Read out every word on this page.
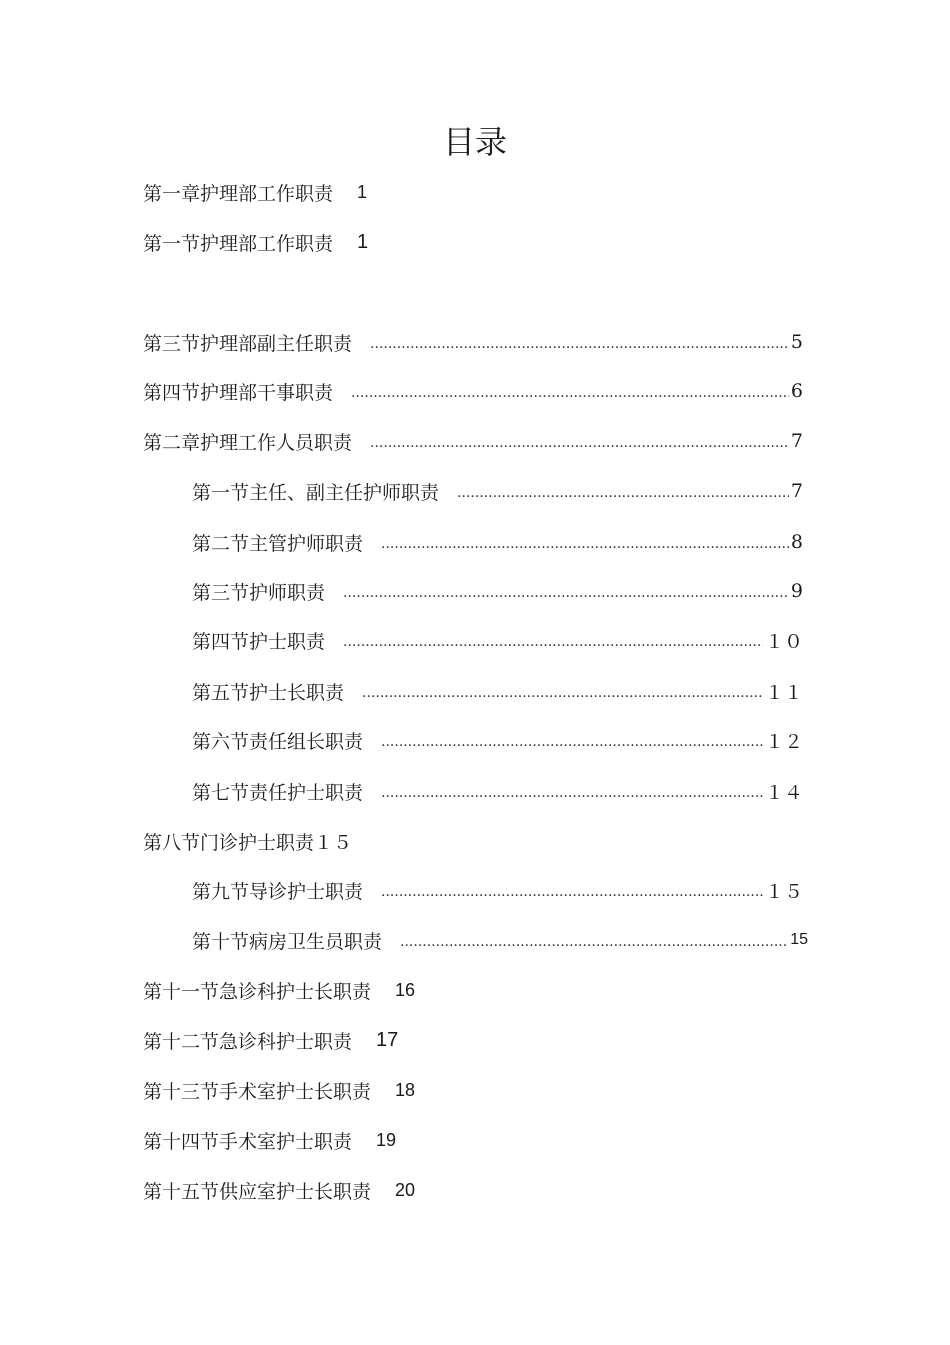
目录
第一章护理部工作职责 1
第一节护理部工作职责 1
第三节护理部副主任职责 .....	5
第四节护理部干事职责 .....	6
第二章护理工作人员职责 .....	7
第一节主任、副主任护师职责 .....	7
第二节主管护师职责 .....	8
第三节护师职责 .....	9
第四节护士职责 .....	１０
第五节护士长职责 .....	１１
第六节责任组长职责 .....	１２
第七节责任护士职责 .....	１４
第八节门诊护士职责１５
第九节导诊护士职责 .....	１５
第十节病房卫生员职责 .....	15
第十一节急诊科护士长职责 16
第十二节急诊科护士职责 17
第十三节手术室护士长职责 18
第十四节手术室护士职责 19
第十五节供应室护士长职责 20
